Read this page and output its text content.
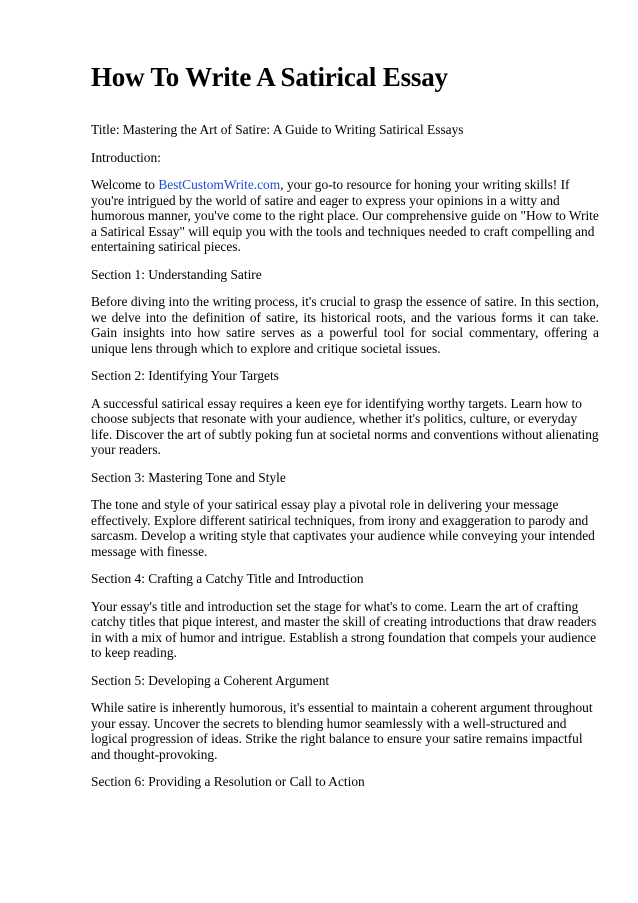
How To Write A Satirical Essay

Title: Mastering the Art of Satire: A Guide to Writing Satirical Essays

Introduction:

Welcome to BestCustomWrite.com, your go-to resource for honing your writing skills! If you're intrigued by the world of satire and eager to express your opinions in a witty and humorous manner, you've come to the right place. Our comprehensive guide on "How to Write a Satirical Essay" will equip you with the tools and techniques needed to craft compelling and entertaining satirical pieces.

Section 1: Understanding Satire

Before diving into the writing process, it's crucial to grasp the essence of satire. In this section, we delve into the definition of satire, its historical roots, and the various forms it can take. Gain insights into how satire serves as a powerful tool for social commentary, offering a unique lens through which to explore and critique societal issues.

Section 2: Identifying Your Targets

A successful satirical essay requires a keen eye for identifying worthy targets. Learn how to choose subjects that resonate with your audience, whether it's politics, culture, or everyday life. Discover the art of subtly poking fun at societal norms and conventions without alienating your readers.

Section 3: Mastering Tone and Style

The tone and style of your satirical essay play a pivotal role in delivering your message effectively. Explore different satirical techniques, from irony and exaggeration to parody and sarcasm. Develop a writing style that captivates your audience while conveying your intended message with finesse.

Section 4: Crafting a Catchy Title and Introduction

Your essay's title and introduction set the stage for what's to come. Learn the art of crafting catchy titles that pique interest, and master the skill of creating introductions that draw readers in with a mix of humor and intrigue. Establish a strong foundation that compels your audience to keep reading.

Section 5: Developing a Coherent Argument

While satire is inherently humorous, it's essential to maintain a coherent argument throughout your essay. Uncover the secrets to blending humor seamlessly with a well-structured and logical progression of ideas. Strike the right balance to ensure your satire remains impactful and thought-provoking.

Section 6: Providing a Resolution or Call to Action
